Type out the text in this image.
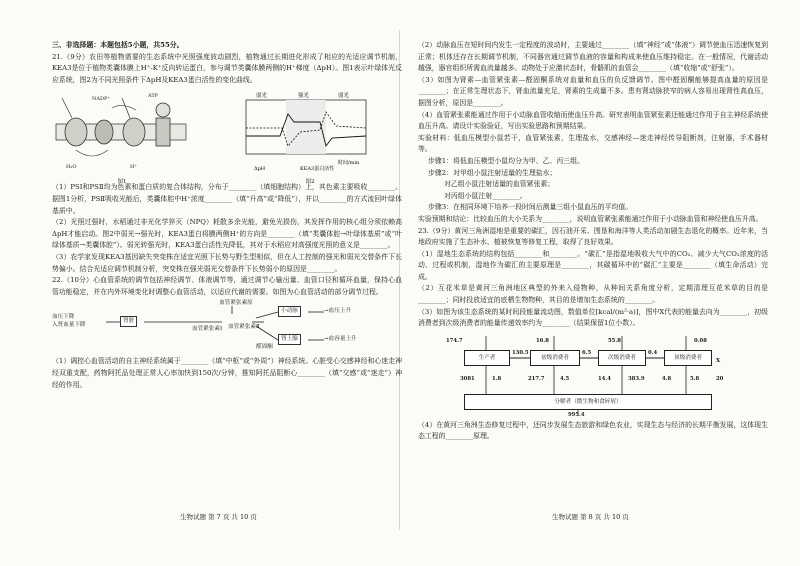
三、非选择题：本题包括5小题，共55分。

21.（9分）农田等植物需要的生态系统中光照强度波动剧烈，植物通过长期进化形成了相应的光适应调节机制，KEA3是位于植物类囊体膜上H⁺-K⁺反向转运蛋白，参与调节类囊体膜两侧的H⁺梯度（ΔpH）。图1表示叶绿体光反应系统，图2为不同光照条件下ΔpH及KEA3蛋白活性的变化曲线。

NADP⁺	ATP
H₂O	H⁺
图1
弱光	强光	弱光
时间/min
ΔpH	KEA3蛋白活性
图2

（1）PSⅠ和PSⅡ均为色素和蛋白质的复合体结构，分布于________（填细胞结构）上，其色素主要吸收________。据图1分析，PSⅡ吸收光能后，类囊体腔中H⁺浓度________（填“升高”或“降低”），并以________的方式流回叶绿体基质中。

（2）光照过强时，水稻通过非光化学猝灭（NPQ）耗散多余光能，避免光损伤，其发挥作用的核心组分须依赖高ΔpH才能启动。图2中弱光→强光时，KEA3蛋白将膜两侧H⁺的方向是________（填“类囊体腔→叶绿体基质”或“叶绿体基质→类囊体腔”）。弱光转强光时，KEA3蛋白活性先降低，其对于水稻应对高强度光照的意义是________。

（3）农学家发现KEA3基因缺失突变株在适宜光照下长势与野生型相似，但在人工控制的强光和弱光交替条件下长势偏小。结合光适应调节机制分析，突变株在强光弱光交替条件下长势弱小的原因是________。

22.（10分）心血管系统的调节包括神经调节、体液调节等，通过调节心输出量、血管口径和循环血量，保持心血管功能稳定，并在内外环境变化时调整心血管活动，以适应代谢的需要。如图为心血管活动的部分调节过程。

血压下降
入肾血量下降
肾脏
血管紧张素原
血管紧张素Ⅰ	血管紧张素Ⅱ
小动脉	→血压上升
肾上腺	→血容量上升
醛固酮

（1）调控心血管活动的自主神经系统属于________（填“中枢”或“外周”）神经系统。心脏受心交感神经和心迷走神经双重支配，药物阿托品处理正常人心率加快到150次/分钟，推知阿托品阻断心________（填“交感”或“迷走”）神经的作用。

生物试题 第 7 页 共 10 页

（2）动脉血压在短时间内发生一定程度的波动时，主要通过________（填“神经”或“体液”）调节使血压迅速恢复到正常；机体还存在长期调节机制，不同器官通过调节血液的容量和构成来使血压维持稳定。在一般情况，代谢活动越强，器官组织所需血流量越多。动物处于应激状态时，骨骼肌的血管会________（填“收缩”或“舒张”）。

（3）如图为肾素—血管紧张素—醛固酮系统对血量和血压的负反馈调节。图中醛固酮能够提高血量的原因是________；在正常生理状态下，肾血流量充足，肾素的生成量不多。患有肾动脉狭窄的病人容易出现肾性高血压，据图分析，原因是________。

（4）血管紧张素能通过作用于小动脉血管收缩而使血压升高。研究表明血管紧张素还能通过作用于自主神经系统使血压升高。请设计实验验证，写出实验思路和预期结果。

实验材料：低血压模型小鼠若干，血管紧张素，生理盐水，交感神经—迷走神经传导阻断剂，注射器，手术器材等。

步骤1：将低血压模型小鼠均分为甲、乙、丙三组。

步骤2：对甲组小鼠注射适量的生理盐水；

对乙组小鼠注射适量的血管紧张素；

对丙组小鼠注射________。

步骤3：在相同环境下培养一段时间后测量三组小鼠血压的平均值。

实验预期和结论：比较血压的大小关系为________，说明血管紧张素能通过作用于小动脉血管和神经使血压升高。

23.（9分）黄河三角洲湿地是重要的碳汇，因石油开采、围垦和海洋等人类活动加剧生态退化的概率。近年来，当地政府实施了生态补水、植被恢复等修复工程，取得了良好效果。

（1）湿地生态系统的结构包括________和________。“碳汇”是指湿地吸收大气中的CO₂、减少大气CO₂浓度的活动、过程或机制，湿地作为碳汇的主要原理是________，其碳循环中的“碳汇”主要是________（填生命活动）完成。

（2）互花米草是黄河三角洲地区典型的外来入侵物种，从种间关系角度分析，定期清理互花米草的目的是________；同时投放适宜的底栖生物物种，其目的是增加生态系统的________。

（3）如图为该生态系统的某时间段能量流动图，数值单位[kcal/(m²·a)]，图中X代表的能量去向为________，初级消费者到次级消费者的能量传递效率约为________（结果保留1位小数）。

生产者	初级消费者	次级消费者	顶级消费者
分解者（微生物和食碎屑）
174.7	16.8	55.8	0.08
X
130.5	6.5	0.4
3081	1.8	217.7	4.5	14.4	383.9	4.8	5.8	20
995.4

（4）在黄河三角洲生态修复过程中，还同步发展生态旅游和绿色农业，实现生态与经济的长期平衡发展，这体现生态工程的________原理。

生物试题 第 8 页 共 10 页
